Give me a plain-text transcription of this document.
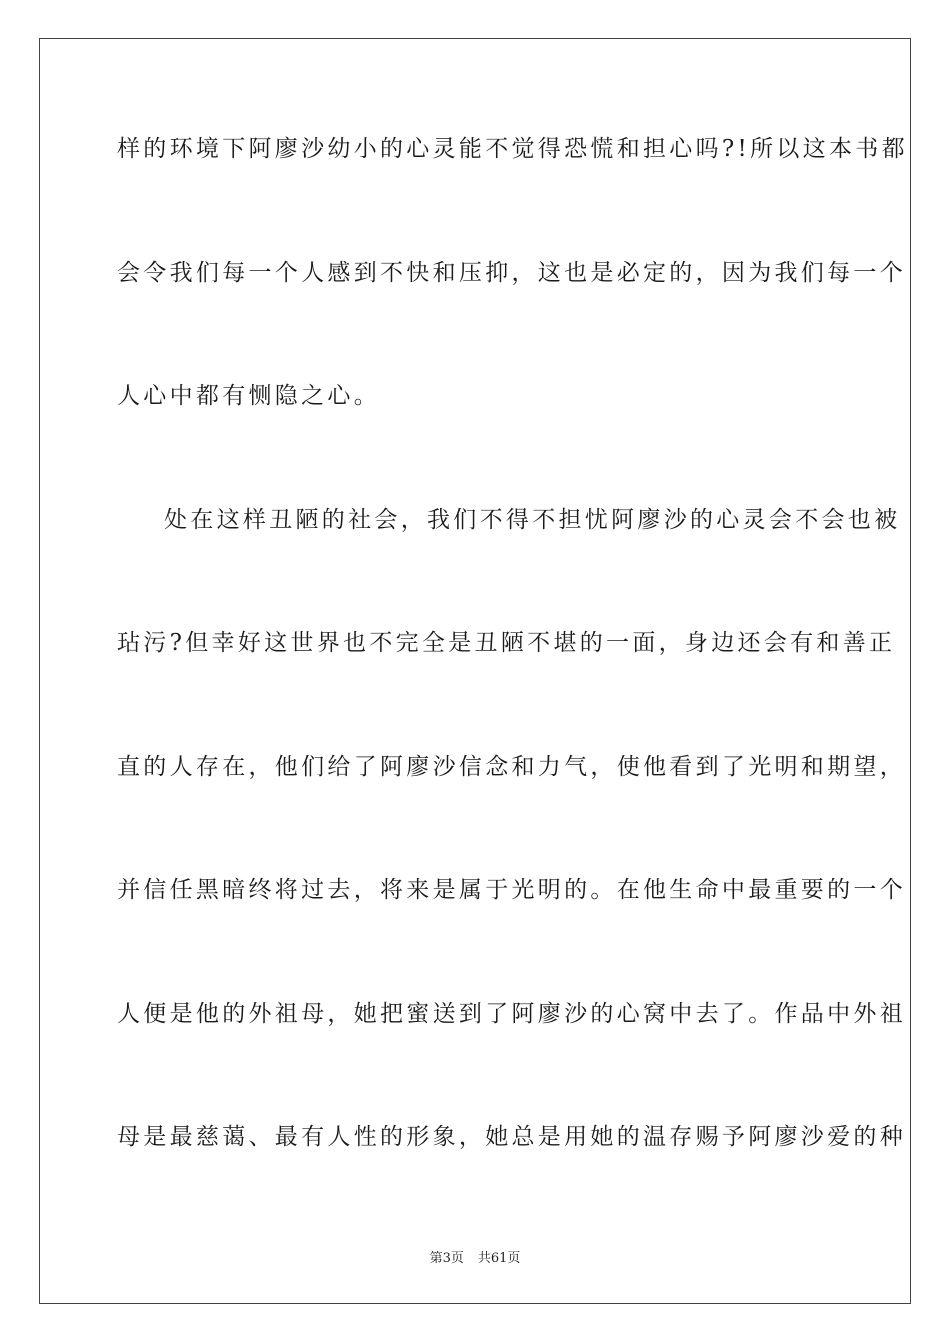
样的环境下阿廖沙幼小的心灵能不觉得恐慌和担心吗?!所以这本书都
会令我们每一个人感到不快和压抑，这也是必定的，因为我们每一个
人心中都有恻隐之心。
处在这样丑陋的社会，我们不得不担忧阿廖沙的心灵会不会也被
玷污?但幸好这世界也不完全是丑陋不堪的一面，身边还会有和善正
直的人存在，他们给了阿廖沙信念和力气，使他看到了光明和期望，
并信任黑暗终将过去，将来是属于光明的。在他生命中最重要的一个
人便是他的外祖母，她把蜜送到了阿廖沙的心窝中去了。作品中外祖
母是最慈蔼、最有人性的形象，她总是用她的温存赐予阿廖沙爱的种
第3页 共61页
